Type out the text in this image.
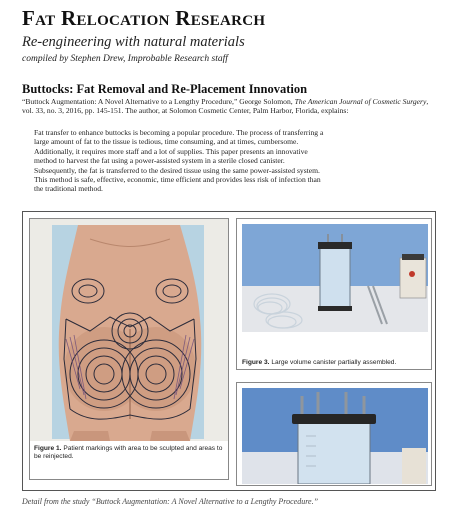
Fat Relocation Research
Re-engineering with natural materials
compiled by Stephen Drew, Improbable Research staff
Buttocks: Fat Removal and Re-Placement Innovation
“Buttock Augmentation: A Novel Alternative to a Lengthy Procedure,” George Solomon, The American Journal of Cosmetic Surgery, vol. 33, no. 3, 2016, pp. 145-151. The author, at Solomon Cosmetic Center, Palm Harbor, Florida, explains:
Fat transfer to enhance buttocks is becoming a popular procedure. The process of transferring a large amount of fat to the tissue is tedious, time consuming, and at times, cumbersome. Additionally, it requires more staff and a lot of supplies. This paper presents an innovative method to harvest the fat using a power-assisted system in a sterile closed canister. Subsequently, the fat is transferred to the desired tissue using the same power-assisted system. This method is safe, effective, economic, time efficient and provides less risk of infection than the traditional method.
Figure 1. Patient markings with area to be sculpted and areas to be reinjected.
Figure 3. Large volume canister partially assembled.
Detail from the study “Buttock Augmentation: A Novel Alternative to a Lengthy Procedure.”
